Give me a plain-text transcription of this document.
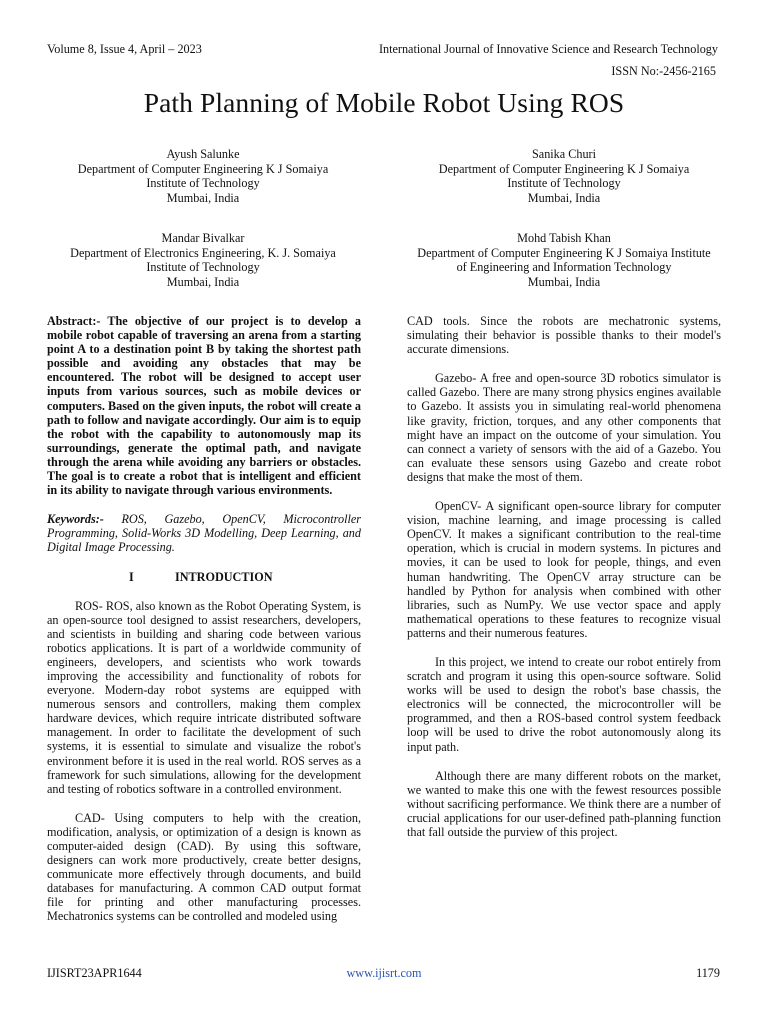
Volume 8, Issue 4, April – 2023	International Journal of Innovative Science and Research Technology
ISSN No:-2456-2165
Path Planning of Mobile Robot Using ROS
Ayush Salunke
Department of Computer Engineering K J Somaiya
Institute of Technology
Mumbai, India
Sanika Churi
Department of Computer Engineering K J Somaiya
Institute of Technology
Mumbai, India
Mandar Bivalkar
Department of Electronics Engineering, K. J. Somaiya
Institute of Technology
Mumbai, India
Mohd Tabish Khan
Department of Computer Engineering K J Somaiya Institute
of Engineering and Information Technology
Mumbai, India

Abstract:- The objective of our project is to develop a mobile robot capable of traversing an arena from a starting point A to a destination point B by taking the shortest path possible and avoiding any obstacles that may be encountered. The robot will be designed to accept user inputs from various sources, such as mobile devices or computers. Based on the given inputs, the robot will create a path to follow and navigate accordingly. Our aim is to equip the robot with the capability to autonomously map its surroundings, generate the optimal path, and navigate through the arena while avoiding any barriers or obstacles. The goal is to create a robot that is intelligent and efficient in its ability to navigate through various environments.

Keywords:- ROS, Gazebo, OpenCV, Microcontroller Programming, Solid-Works 3D Modelling, Deep Learning, and Digital Image Processing.

I	INTRODUCTION

ROS- ROS, also known as the Robot Operating System, is an open-source tool designed to assist researchers, developers, and scientists in building and sharing code between various robotics applications. It is part of a worldwide community of engineers, developers, and scientists who work towards improving the accessibility and functionality of robots for everyone. Modern-day robot systems are equipped with numerous sensors and controllers, making them complex hardware devices, which require intricate distributed software management. In order to facilitate the development of such systems, it is essential to simulate and visualize the robot's environment before it is used in the real world. ROS serves as a framework for such simulations, allowing for the development and testing of robotics software in a controlled environment.

CAD- Using computers to help with the creation, modification, analysis, or optimization of a design is known as computer-aided design (CAD). By using this software, designers can work more productively, create better designs, communicate more effectively through documents, and build databases for manufacturing. A common CAD output format file for printing and other manufacturing processes. Mechatronics systems can be controlled and modeled using

CAD tools. Since the robots are mechatronic systems, simulating their behavior is possible thanks to their model's accurate dimensions.

Gazebo- A free and open-source 3D robotics simulator is called Gazebo. There are many strong physics engines available to Gazebo. It assists you in simulating real-world phenomena like gravity, friction, torques, and any other components that might have an impact on the outcome of your simulation. You can connect a variety of sensors with the aid of a Gazebo. You can evaluate these sensors using Gazebo and create robot designs that make the most of them.

OpenCV- A significant open-source library for computer vision, machine learning, and image processing is called OpenCV. It makes a significant contribution to the real-time operation, which is crucial in modern systems. In pictures and movies, it can be used to look for people, things, and even human handwriting. The OpenCV array structure can be handled by Python for analysis when combined with other libraries, such as NumPy. We use vector space and apply mathematical operations to these features to recognize visual patterns and their numerous features.

In this project, we intend to create our robot entirely from scratch and program it using this open-source software. Solid works will be used to design the robot's base chassis, the electronics will be connected, the microcontroller will be programmed, and then a ROS-based control system feedback loop will be used to drive the robot autonomously along its input path.

Although there are many different robots on the market, we wanted to make this one with the fewest resources possible without sacrificing performance. We think there are a number of crucial applications for our user-defined path-planning function that fall outside the purview of this project.

IJISRT23APR1644	www.ijisrt.com	1179
